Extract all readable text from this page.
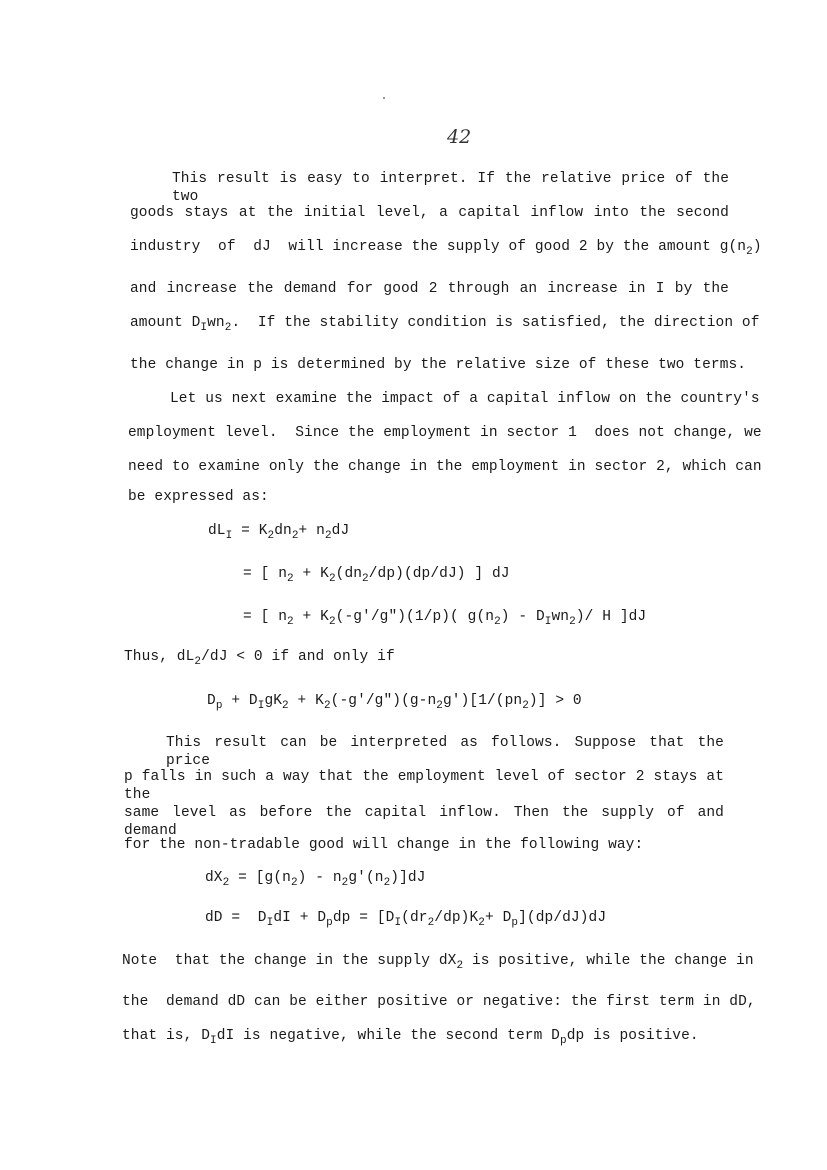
42
This result is easy to interpret. If the relative price of the two
goods stays at the initial level, a capital inflow into the second
industry  of  dJ  will increase the supply of good 2 by the amount $g(n_2)$
and increase the demand for good 2 through an increase in I by the
amount $D_Iwn_2$.  If the stability condition is satisfied, the direction of
the change in p is determined by the relative size of these two terms.
Let us next examine the impact of a capital inflow on the country's
employment level.  Since the employment in sector 1  does not change, we
need to examine only the change in the employment in sector 2, which can
be expressed as:
$dL_I = K_2dn_2+ n_2dJ$
= [ $n_2 + K_2(dn_2/dp)(dp/dJ)$ ] dJ
= [ $n_2$ + $K_2(-g'/g")(1/p)$( $g(n_2) - D_Iwn_2)/$ H ]dJ
Thus, $dL_2/dJ < 0$ if and only if
$D_p + D_IgK_2$ + $K_2(-g'/g")(g-n_2g')[1/(pn_2)] > 0$
This result can be interpreted as follows. Suppose that the price
p falls in such a way that the employment level of sector 2 stays at the
same level as before the capital inflow. Then the supply of and demand
for the non-tradable good will change in the following way:
$dX_2 = [g(n_2) - n_2g'(n_2)]dJ$
dD =  $D_IdI + D_pdp = [D_I(dr_2/dp)K_2+ D_p](dp/dJ)dJ$
Note  that the change in the supply $dX_2$ is positive, while the change in
the  demand dD can be either positive or negative: the first term in dD,
that is, $D_IdI$ is negative, while the second term $D_pdp$ is positive.
